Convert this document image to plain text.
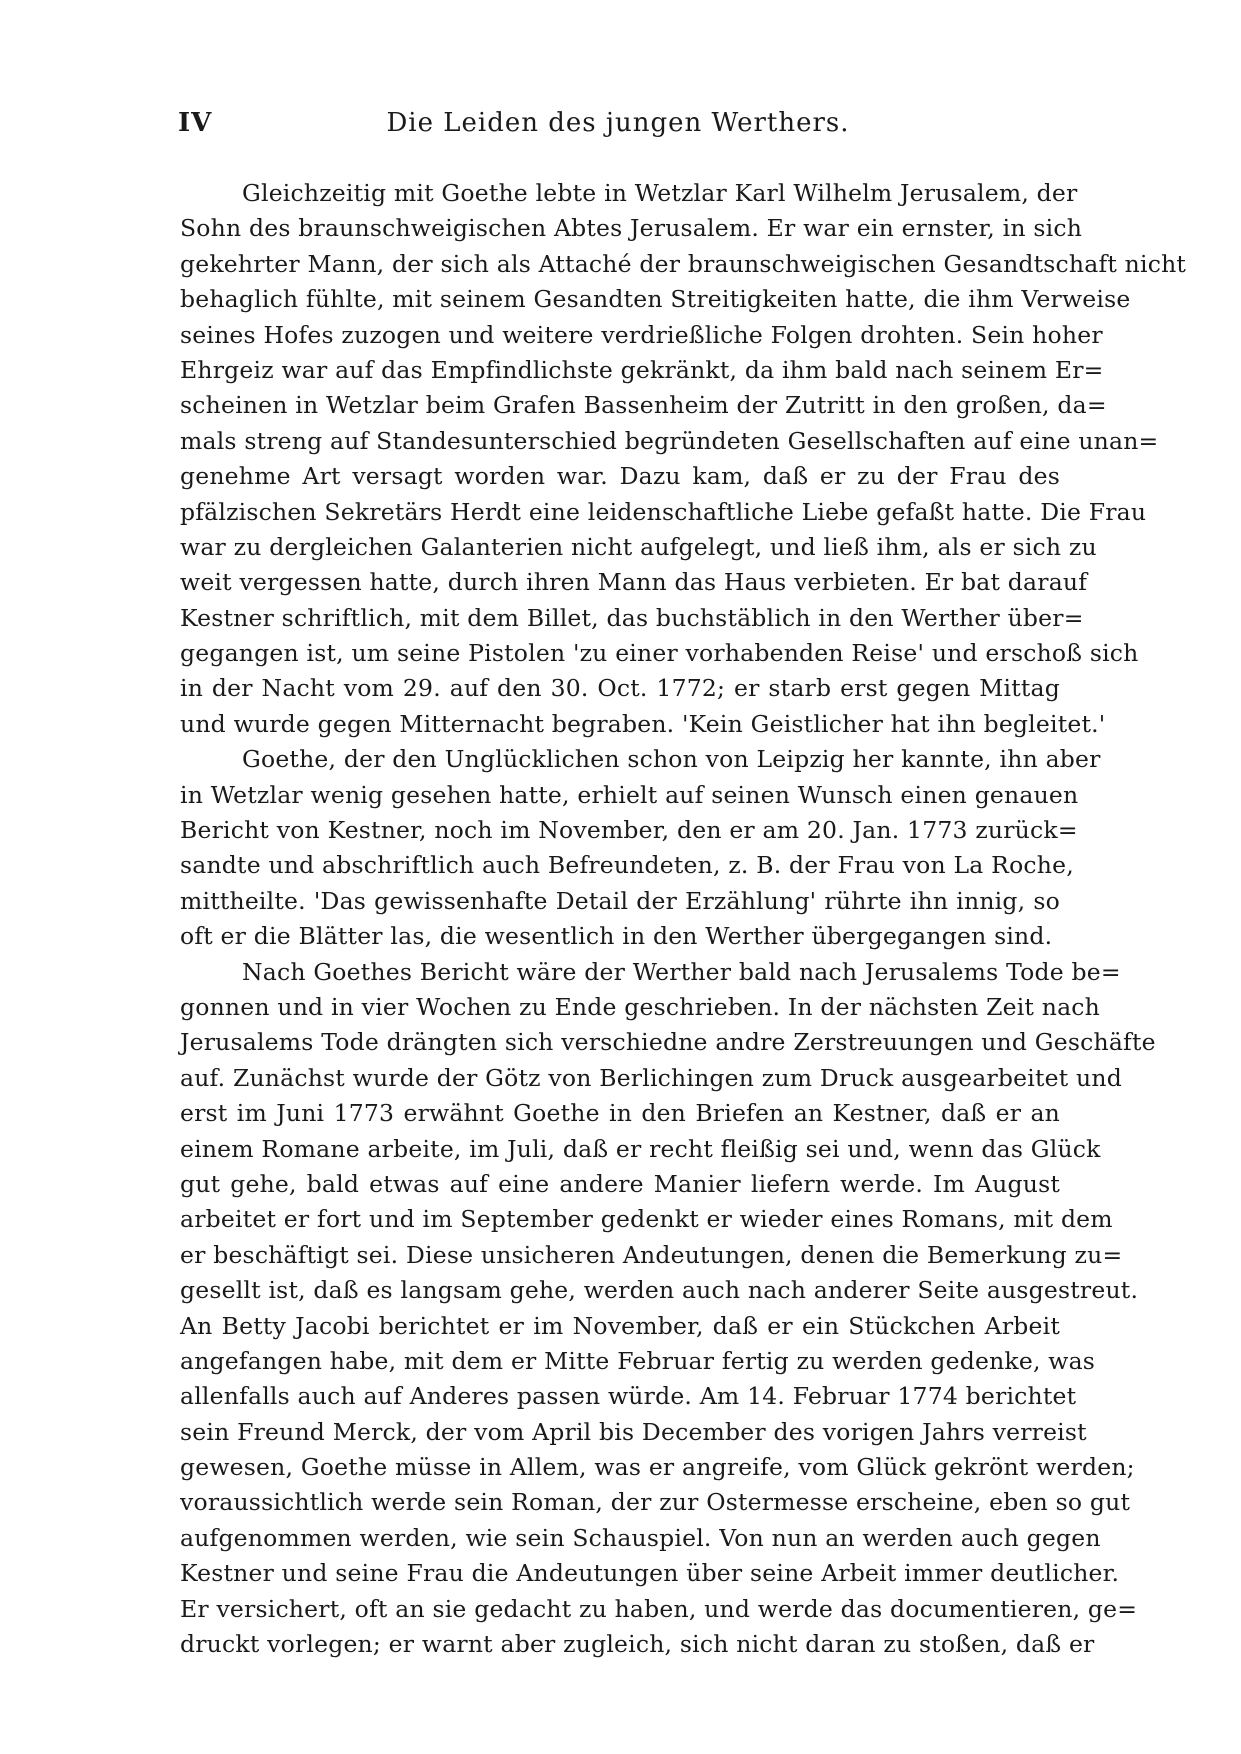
IV	Die Leiden des jungen Werthers.
Gleichzeitig mit Goethe lebte in Wetzlar Karl Wilhelm Jerusalem, der
Sohn des braunschweigischen Abtes Jerusalem. Er war ein ernster, in sich
gekehrter Mann, der sich als Attaché der braunschweigischen Gesandtschaft nicht
behaglich fühlte, mit seinem Gesandten Streitigkeiten hatte, die ihm Verweise
seines Hofes zuzogen und weitere verdrießliche Folgen drohten. Sein hoher
Ehrgeiz war auf das Empfindlichste gekränkt, da ihm bald nach seinem Er=
scheinen in Wetzlar beim Grafen Bassenheim der Zutritt in den großen, da=
mals streng auf Standesunterschied begründeten Gesellschaften auf eine unan=
genehme Art versagt worden war. Dazu kam, daß er zu der Frau des
pfälzischen Sekretärs Herdt eine leidenschaftliche Liebe gefaßt hatte. Die Frau
war zu dergleichen Galanterien nicht aufgelegt, und ließ ihm, als er sich zu
weit vergessen hatte, durch ihren Mann das Haus verbieten. Er bat darauf
Kestner schriftlich, mit dem Billet, das buchstäblich in den Werther über=
gegangen ist, um seine Pistolen 'zu einer vorhabenden Reise' und erschoß sich
in der Nacht vom 29. auf den 30. Oct. 1772; er starb erst gegen Mittag
und wurde gegen Mitternacht begraben. 'Kein Geistlicher hat ihn begleitet.'
Goethe, der den Unglücklichen schon von Leipzig her kannte, ihn aber
in Wetzlar wenig gesehen hatte, erhielt auf seinen Wunsch einen genauen
Bericht von Kestner, noch im November, den er am 20. Jan. 1773 zurück=
sandte und abschriftlich auch Befreundeten, z. B. der Frau von La Roche,
mittheilte. 'Das gewissenhafte Detail der Erzählung' rührte ihn innig, so
oft er die Blätter las, die wesentlich in den Werther übergegangen sind.
Nach Goethes Bericht wäre der Werther bald nach Jerusalems Tode be=
gonnen und in vier Wochen zu Ende geschrieben. In der nächsten Zeit nach
Jerusalems Tode drängten sich verschiedne andre Zerstreuungen und Geschäfte
auf. Zunächst wurde der Götz von Berlichingen zum Druck ausgearbeitet und
erst im Juni 1773 erwähnt Goethe in den Briefen an Kestner, daß er an
einem Romane arbeite, im Juli, daß er recht fleißig sei und, wenn das Glück
gut gehe, bald etwas auf eine andere Manier liefern werde. Im August
arbeitet er fort und im September gedenkt er wieder eines Romans, mit dem
er beschäftigt sei. Diese unsicheren Andeutungen, denen die Bemerkung zu=
gesellt ist, daß es langsam gehe, werden auch nach anderer Seite ausgestreut.
An Betty Jacobi berichtet er im November, daß er ein Stückchen Arbeit
angefangen habe, mit dem er Mitte Februar fertig zu werden gedenke, was
allenfalls auch auf Anderes passen würde. Am 14. Februar 1774 berichtet
sein Freund Merck, der vom April bis December des vorigen Jahrs verreist
gewesen, Goethe müsse in Allem, was er angreife, vom Glück gekrönt werden;
voraussichtlich werde sein Roman, der zur Ostermesse erscheine, eben so gut
aufgenommen werden, wie sein Schauspiel. Von nun an werden auch gegen
Kestner und seine Frau die Andeutungen über seine Arbeit immer deutlicher.
Er versichert, oft an sie gedacht zu haben, und werde das documentieren, ge=
druckt vorlegen; er warnt aber zugleich, sich nicht daran zu stoßen, daß er
